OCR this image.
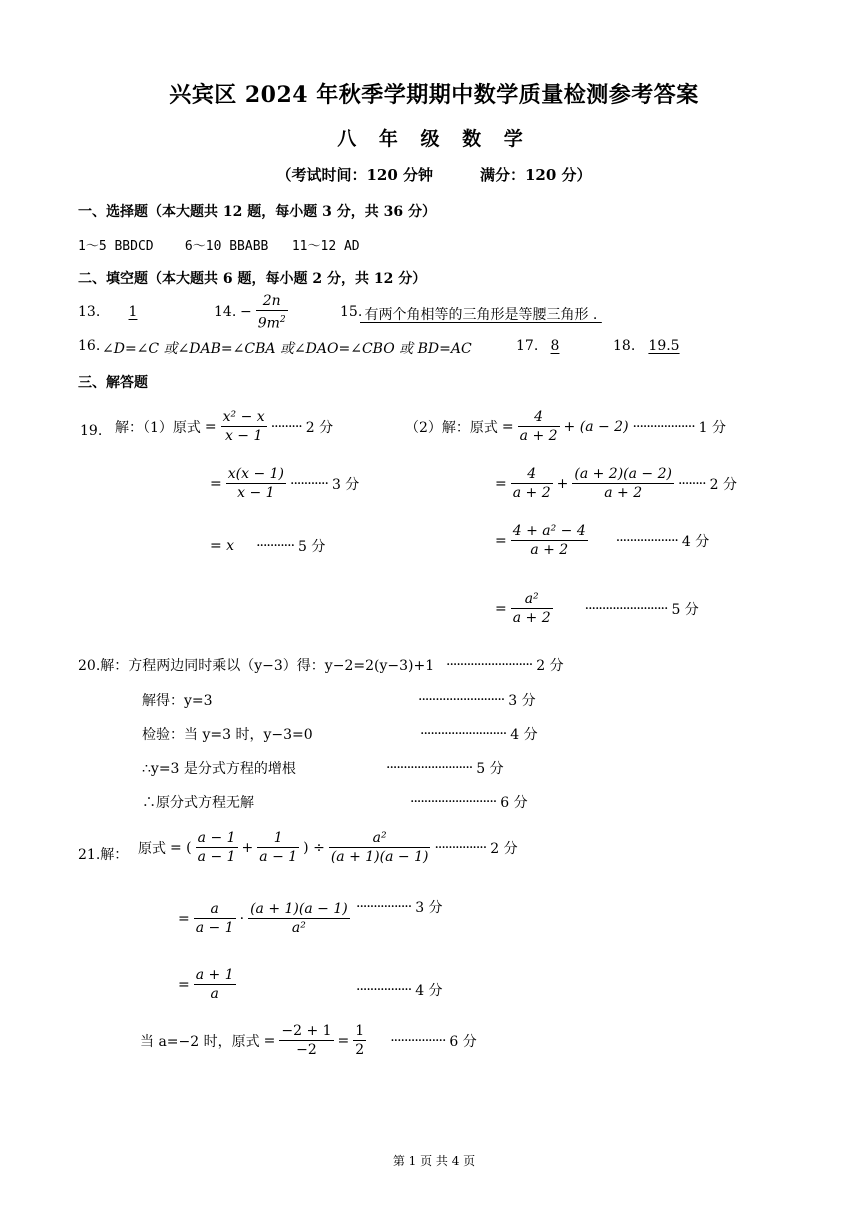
兴宾区 2024 年秋季学期期中数学质量检测参考答案
八 年 级 数 学
（考试时间：120 分钟         满分：120 分）
一、选择题（本大题共 12 题，每小题 3 分，共 36 分）
1～5 BBDCD    6～10 BBABB   11～12 AD
二、填空题（本大题共 6 题，每小题 2 分，共 12 分）
13.	1	14. − $\frac{2n}{9m^2}$	15.
有两个角相等的三角形是等腰三角形 .
16. ∠D=∠C 或∠DAB=∠CBA 或∠DAO=∠CBO 或 BD=AC	17. 8	18. 19.5
三、解答题
19. 解：（1）原式 = $\frac{\text{x² − x}}{x - 1}$ ········· 2 分
= $\frac{x(x - 1)}{x - 1}$ ··········· 3 分
= x ··········· 5 分
（2）解：原式 = $\frac{4}{a + 2} + (a - 2)$ ·················· 1 分
= $\frac{4}{a + 2} + \frac{(a + 2)(a - 2)}{a + 2}$ ········ 2 分
= $\frac{\text{4 + a² − 4}}{a + 2}$ ·················· 4 分
= $\frac{\text{a²}}{a + 2}$ ························ 5 分
20.解：方程两边同时乘以（y−3）得：y−2=2(y−3)+1 ························· 2 分
解得：y=3	························· 3 分
检验：当 y=3 时，y−3=0	························· 4 分
∴y=3 是分式方程的增根	························· 5 分
∴原分式方程无解	························· 6 分
21.解： 原式 = ( $\frac{a - 1}{a - 1} + \frac{1}{a - 1}$ ) ÷ $\frac{\text{a²}}{(a + 1)(a - 1)}$ ··············· 2 分
= $\frac{a}{a - 1} \cdot \frac{(a + 1)(a - 1)}{\text{a²}}$ ················ 3 分
= $\frac{a + 1}{a}$	················ 4 分
当 a=−2 时，原式 = $\frac{-2 + 1}{-2} = \frac{1}{2}$ ················ 6 分
第 1 页 共 4 页
